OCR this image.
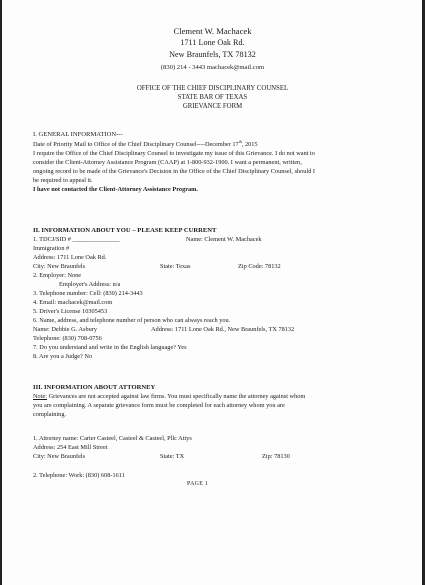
Clement W. Machacek
1711 Lone Oak Rd.
New Braunfels, TX 78132
(830) 214 - 3443 machacek@mail.com
OFFICE OF THE CHIEF DISCIPLINARY COUNSEL
STATE BAR OF TEXAS
GRIEVANCE FORM
I. GENERAL INFORMATION---
Date of Priority Mail to Office of the Chief Disciplinary Counsel----December 17th, 2015
I require the Office of the Chief Disciplinary Counsel to investigate my issue of this Grievance. I do not want to
consider the Client-Attorney Assistance Program (CAAP) at 1-800-932-1900. I want a permanent, written,
ongoing record to be made of the Grievance's Decision in the Office of the Chief Disciplinary Counsel, should I
be required to appeal it.
I have not contacted the Client-Attorney Assistance Program.
II. INFORMATION ABOUT YOU – PLEASE KEEP CURRENT
1. TDCJ/SID # _______________	Name: Clement W. Machacek
Immigration #
Address: 1711 Lone Oak Rd.
City: New Braunfels	State: Texas	Zip Code: 78132
2. Employer: None
Employer's Address: n/a
3. Telephone number: Cell: (830) 214-3443
4. Email: machacek@mail.com
5. Driver's License 10305453
6. Name, address, and telephone number of person who can always reach you.
Name: Debbie G. Asbury	Address: 1711 Lone Oak Rd., New Braunfels, TX 78132
Telephone: (830) 708-0756
7. Do you understand and write in the English language? Yes
8. Are you a Judge? No
III. INFORMATION ABOUT ATTORNEY
Note: Grievances are not accepted against law firms. You must specifically name the attorney against whom
you are complaining. A separate grievance form must be completed for each attorney whom you are
complaining.
1. Attorney name: Carter Casteel, Casteel & Casteel, Pllc Attys
Address: 254 East Mill Street
City: New Braunfels	State: TX	Zip: 78130
2. Telephone: Work: (830) 608-1611
PAGE 1
